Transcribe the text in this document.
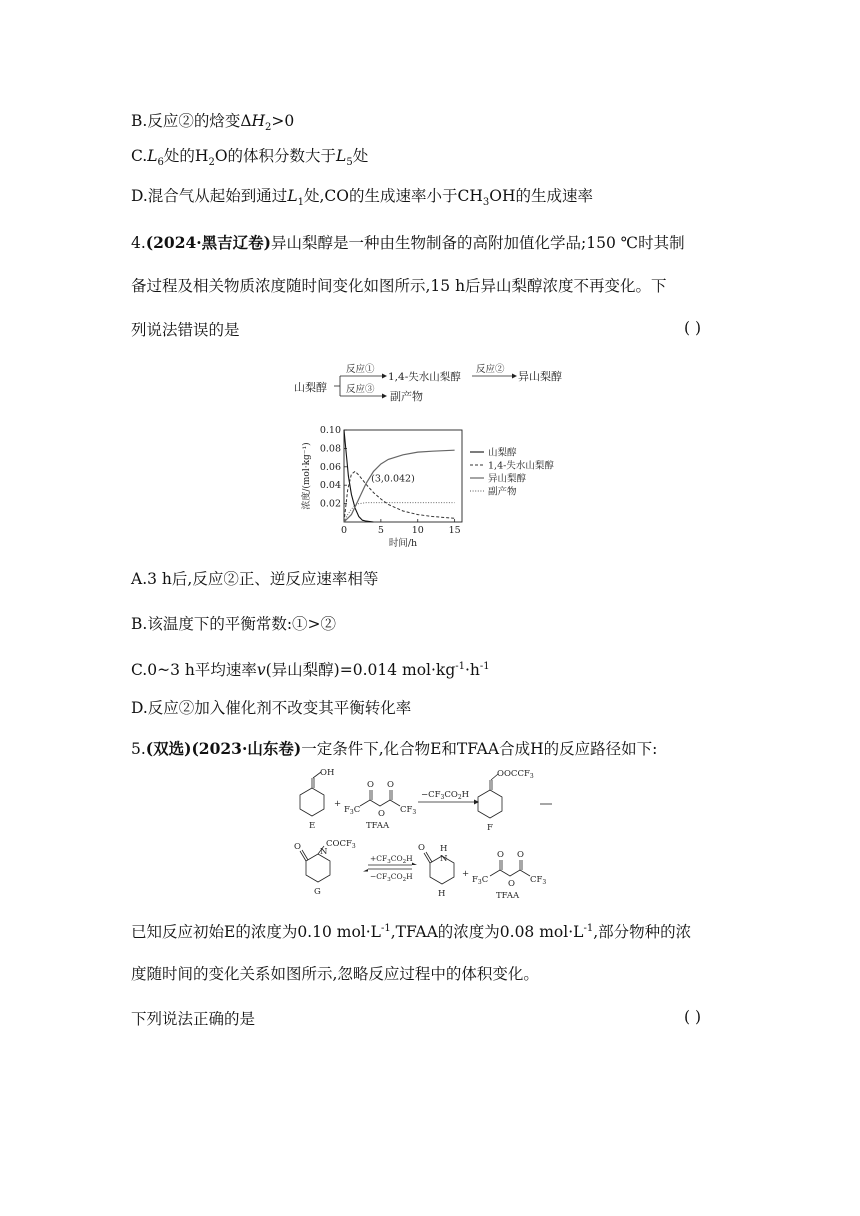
B.反应②的焓变$\Delta H_2>0$
$C.L_6$处的$H_2O$的体积分数大于$L_5$处
D.混合气从起始到通过$L_1$处,CO的生成速率小于$CH_3OH$的生成速率
4.(2024·黑吉辽卷)异山梨醇是一种由生物制备的高附加值化学品;150 ℃时其制
备过程及相关物质浓度随时间变化如图所示,15 h后异山梨醇浓度不再变化。下
列说法错误的是	( )
山梨醇
反应①
反应③
1,4-失水山梨醇
反应②
异山梨醇
副产物
0.02
0.04
0.06
0.08
0.10
0	5	10	15
时间/h
浓度/(mol·kg⁻¹)	(3,0.042)
山梨醇
1,4-失水山梨醇
异山梨醇
副产物
A.3 h后,反应②正、逆反应速率相等
B.该温度下的平衡常数:①>②
C.0~3 h平均速率v(异山梨醇)=0.014 $mol\cdot kg^{-1}\cdot h^{-1}$
D.反应②加入催化剂不改变其平衡转化率
5.(双选)(2023·山东卷)一定条件下,化合物E和TFAA合成H的反应路径如下:
OH
E
+
O
O
O
$F_3C$	$CF_3$
TFAA
$-CF_3CO_2H$
$OOCCF_3$
F
O N
$COCF_3$
G
$+CF_3CO_2H$
$-CF_3CO_2H$
O H
N
H
+
$F_3C$
O
O
O
$CF_3$
TFAA
已知反应初始E的浓度为0.10 $mol\cdot L^{-1},TFAA$的浓度为0.08 $mol\cdot L^{-1}$,部分物种的浓
度随时间的变化关系如图所示,忽略反应过程中的体积变化。
下列说法正确的是	( )
